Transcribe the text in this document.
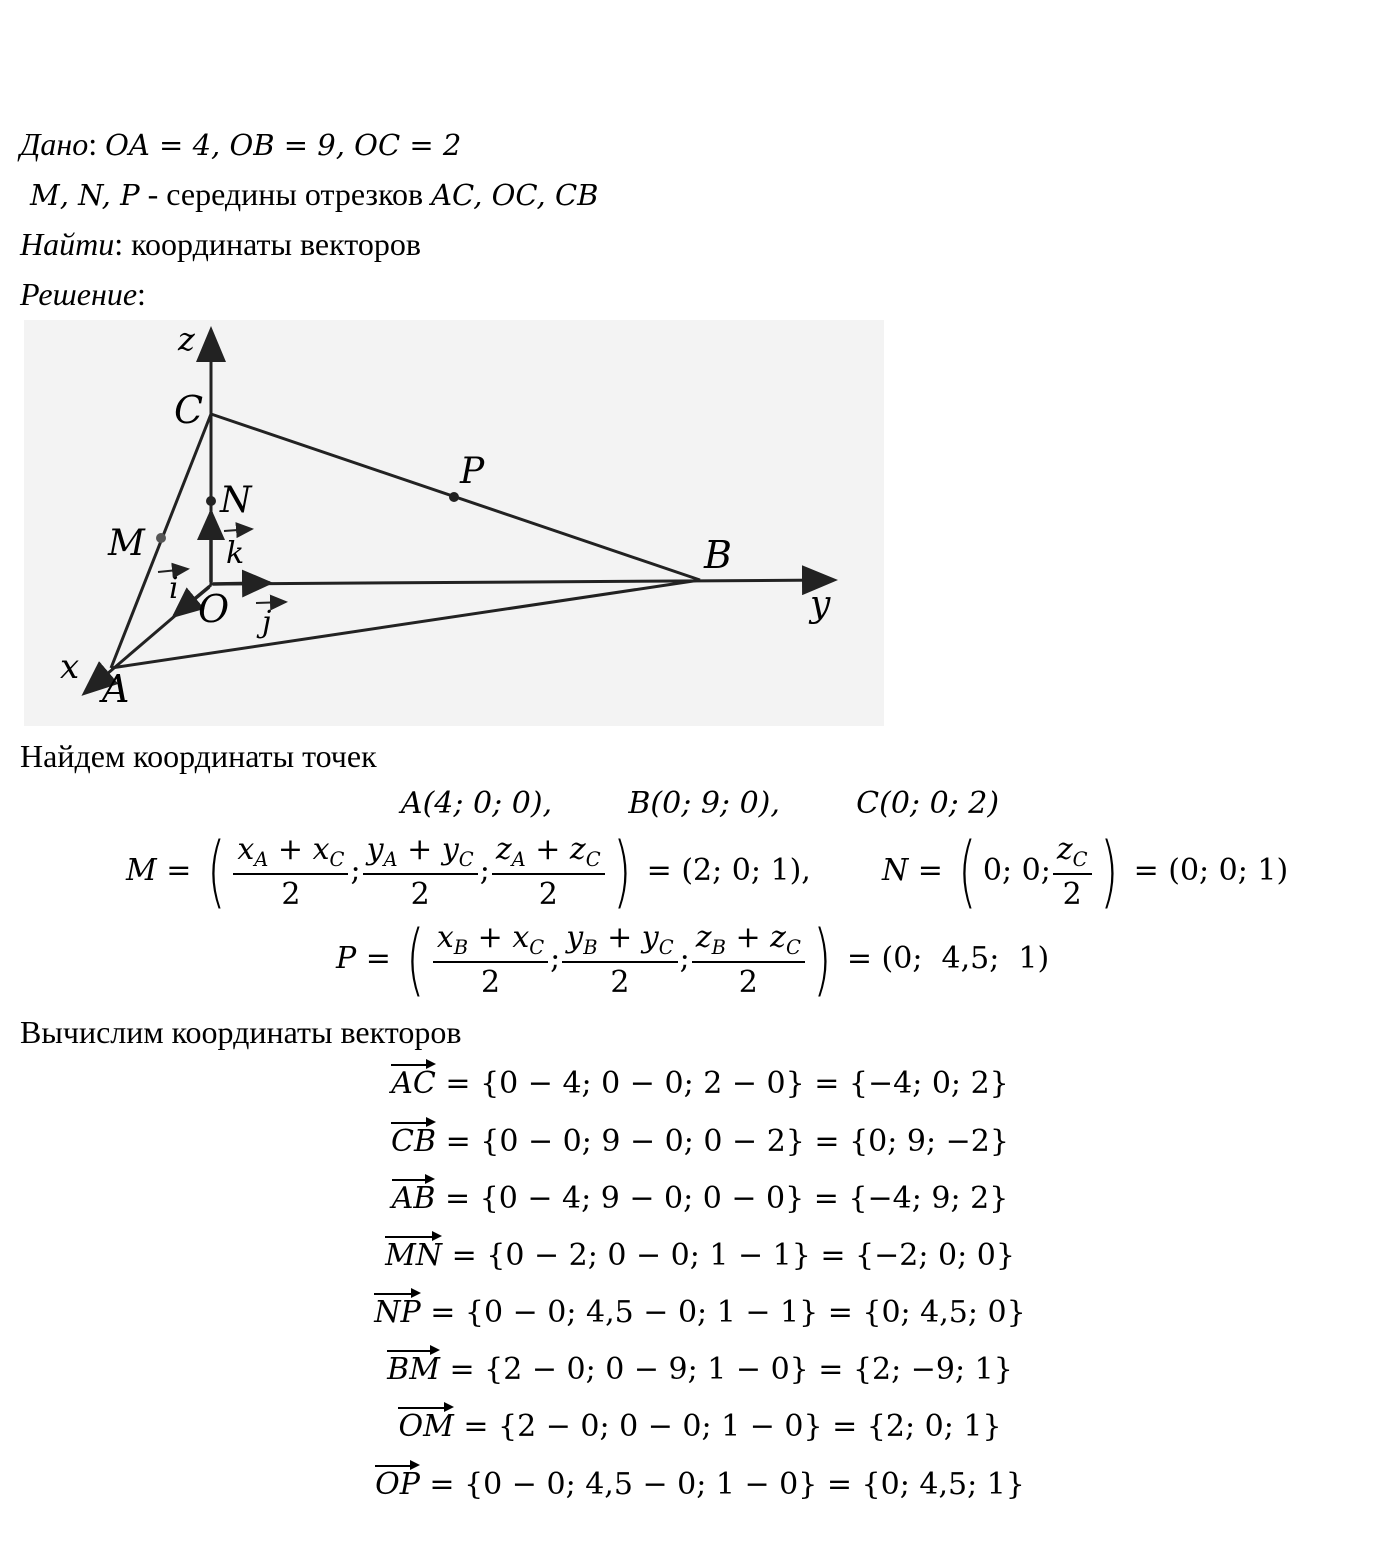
Дано: OA = 4, OB = 9, OC = 2
M, N, P - середины отрезков AC, OC, CB
Найти: координаты векторов
Решение:
z
C
N
P
M	B
y
O
x A
k
j
i
Найдем координаты точек
A(4; 0; 0),        B(0; 9; 0),        C(0; 0; 2)
M = ( $\frac{x_A + x_C}{2}$ ; $\frac{y_A + y_C}{2}$ ; $\frac{z_A + z_C}{2}$ ) = (2; 0; 1), N = ( 0; 0; $\frac{z_C}{2}$ ) = (0; 0; 1)
P = ( $\frac{x_B + x_C}{2}$ ; $\frac{y_B + y_C}{2}$ ; $\frac{z_B + z_C}{2}$ ) = (0;  4,5;  1)
Вычислим координаты векторов
AC = {0 − 4; 0 − 0; 2 − 0} = {−4; 0; 2}
CB = {0 − 0; 9 − 0; 0 − 2} = {0; 9; −2}
AB = {0 − 4; 9 − 0; 0 − 0} = {−4; 9; 2}
MN = {0 − 2; 0 − 0; 1 − 1} = {−2; 0; 0}
NP = {0 − 0; 4,5 − 0; 1 − 1} = {0; 4,5; 0}
BM = {2 − 0; 0 − 9; 1 − 0} = {2; −9; 1}
OM = {2 − 0; 0 − 0; 1 − 0} = {2; 0; 1}
OP = {0 − 0; 4,5 − 0; 1 − 0} = {0; 4,5; 1}
